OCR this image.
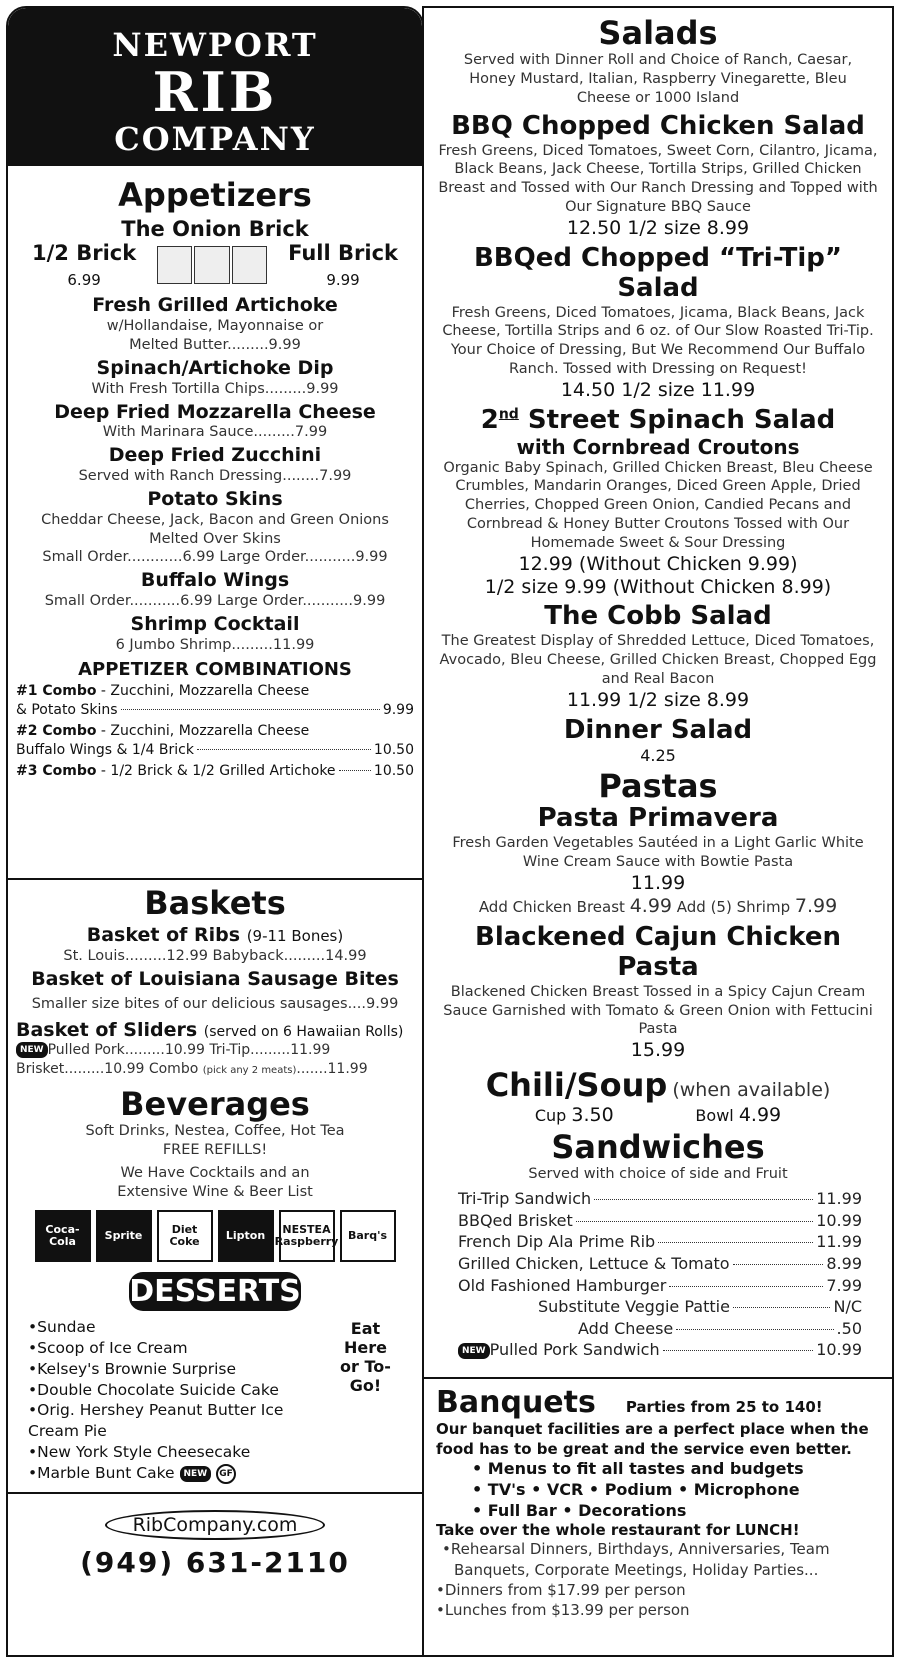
NEWPORT
RIB
COMPANY
Appetizers
The Onion Brick
1/2 Brick
6.99
Full Brick
9.99
Fresh Grilled Artichoke
w/Hollandaise, Mayonnaise or
Melted Butter.........9.99
Spinach/Artichoke Dip
With Fresh Tortilla Chips.........9.99
Deep Fried Mozzarella Cheese
With Marinara Sauce.........7.99
Deep Fried Zucchini
Served with Ranch Dressing........7.99
Potato Skins
Cheddar Cheese, Jack, Bacon and Green Onions
Melted Over Skins
Small Order............6.99 Large Order...........9.99
Buffalo Wings
Small Order...........6.99 Large Order...........9.99
Shrimp Cocktail
6 Jumbo Shrimp.........11.99
APPETIZER COMBINATIONS
#1 Combo - Zucchini, Mozzarella Cheese
& Potato Skins	9.99
#2 Combo - Zucchini, Mozzarella Cheese
Buffalo Wings & 1/4 Brick	10.50
#3 Combo - 1/2 Brick & 1/2 Grilled Artichoke	10.50
Baskets
Basket of Ribs (9-11 Bones)
St. Louis.........12.99 Babyback.........14.99
Basket of Louisiana Sausage Bites
Smaller size bites of our delicious sausages....9.99
Basket of Sliders (served on 6 Hawaiian Rolls)
NEW Pulled Pork.........10.99 Tri-Tip.........11.99
Brisket.........10.99 Combo (pick any 2 meats).......11.99
Beverages
Soft Drinks, Nestea, Coffee, Hot Tea
FREE REFILLS!
We Have Cocktails and an
Extensive Wine & Beer List
Coca-Cola	Sprite	Diet Coke	Lipton	NESTEA Raspberry Barq's
DESSERTS
• Sundae
• Scoop of Ice Cream
• Kelsey's Brownie Surprise
• Double Chocolate Suicide Cake
• Orig. Hershey Peanut Butter Ice Cream Pie
• New York Style Cheesecake
• Marble Bunt Cake NEW GF
Eat Here
or To-Go!
RibCompany.com
(949) 631-2110
Salads
Served with Dinner Roll and Choice of Ranch, Caesar, Honey Mustard, Italian, Raspberry Vinegarette, Bleu Cheese or 1000 Island
BBQ Chopped Chicken Salad
Fresh Greens, Diced Tomatoes, Sweet Corn, Cilantro, Jicama, Black Beans, Jack Cheese, Tortilla Strips, Grilled Chicken Breast and Tossed with Our Ranch Dressing and Topped with Our Signature BBQ Sauce
12.50 1/2 size 8.99
BBQed Chopped “Tri-Tip” Salad
Fresh Greens, Diced Tomatoes, Jicama, Black Beans, Jack Cheese, Tortilla Strips and 6 oz. of Our Slow Roasted Tri-Tip. Your Choice of Dressing, But We Recommend Our Buffalo Ranch. Tossed with Dressing on Request!
14.50 1/2 size 11.99
2nd Street Spinach Salad
with Cornbread Croutons
Organic Baby Spinach, Grilled Chicken Breast, Bleu Cheese Crumbles, Mandarin Oranges, Diced Green Apple, Dried Cherries, Chopped Green Onion, Candied Pecans and Cornbread & Honey Butter Croutons Tossed with Our Homemade Sweet & Sour Dressing
12.99 (Without Chicken 9.99)
1/2 size 9.99 (Without Chicken 8.99)
The Cobb Salad
The Greatest Display of Shredded Lettuce, Diced Tomatoes, Avocado, Bleu Cheese, Grilled Chicken Breast, Chopped Egg and Real Bacon
11.99 1/2 size 8.99
Dinner Salad
4.25
Pastas
Pasta Primavera
Fresh Garden Vegetables Sautéed in a Light Garlic White Wine Cream Sauce with Bowtie Pasta
11.99
Add Chicken Breast 4.99 Add (5) Shrimp 7.99
Blackened Cajun Chicken Pasta
Blackened Chicken Breast Tossed in a Spicy Cajun Cream Sauce Garnished with Tomato & Green Onion with Fettucini Pasta
15.99
Chili/Soup (when available)
Cup 3.50	Bowl 4.99
Sandwiches
Served with choice of side and Fruit
Tri-Trip Sandwich	11.99
BBQed Brisket	10.99
French Dip Ala Prime Rib	11.99
Grilled Chicken, Lettuce & Tomato	8.99
Old Fashioned Hamburger	7.99
Substitute Veggie Pattie	N/C
Add Cheese	.50
NEW Pulled Pork Sandwich	10.99
Banquets Parties from 25 to 140!
Our banquet facilities are a perfect place when the food has to be great and the service even better.
• Menus to fit all tastes and budgets
• TV's • VCR • Podium • Microphone
• Full Bar • Decorations
Take over the whole restaurant for LUNCH!
• Rehearsal Dinners, Birthdays, Anniversaries, Team Banquets, Corporate Meetings, Holiday Parties...
• Dinners from $17.99 per person
• Lunches from $13.99 per person
